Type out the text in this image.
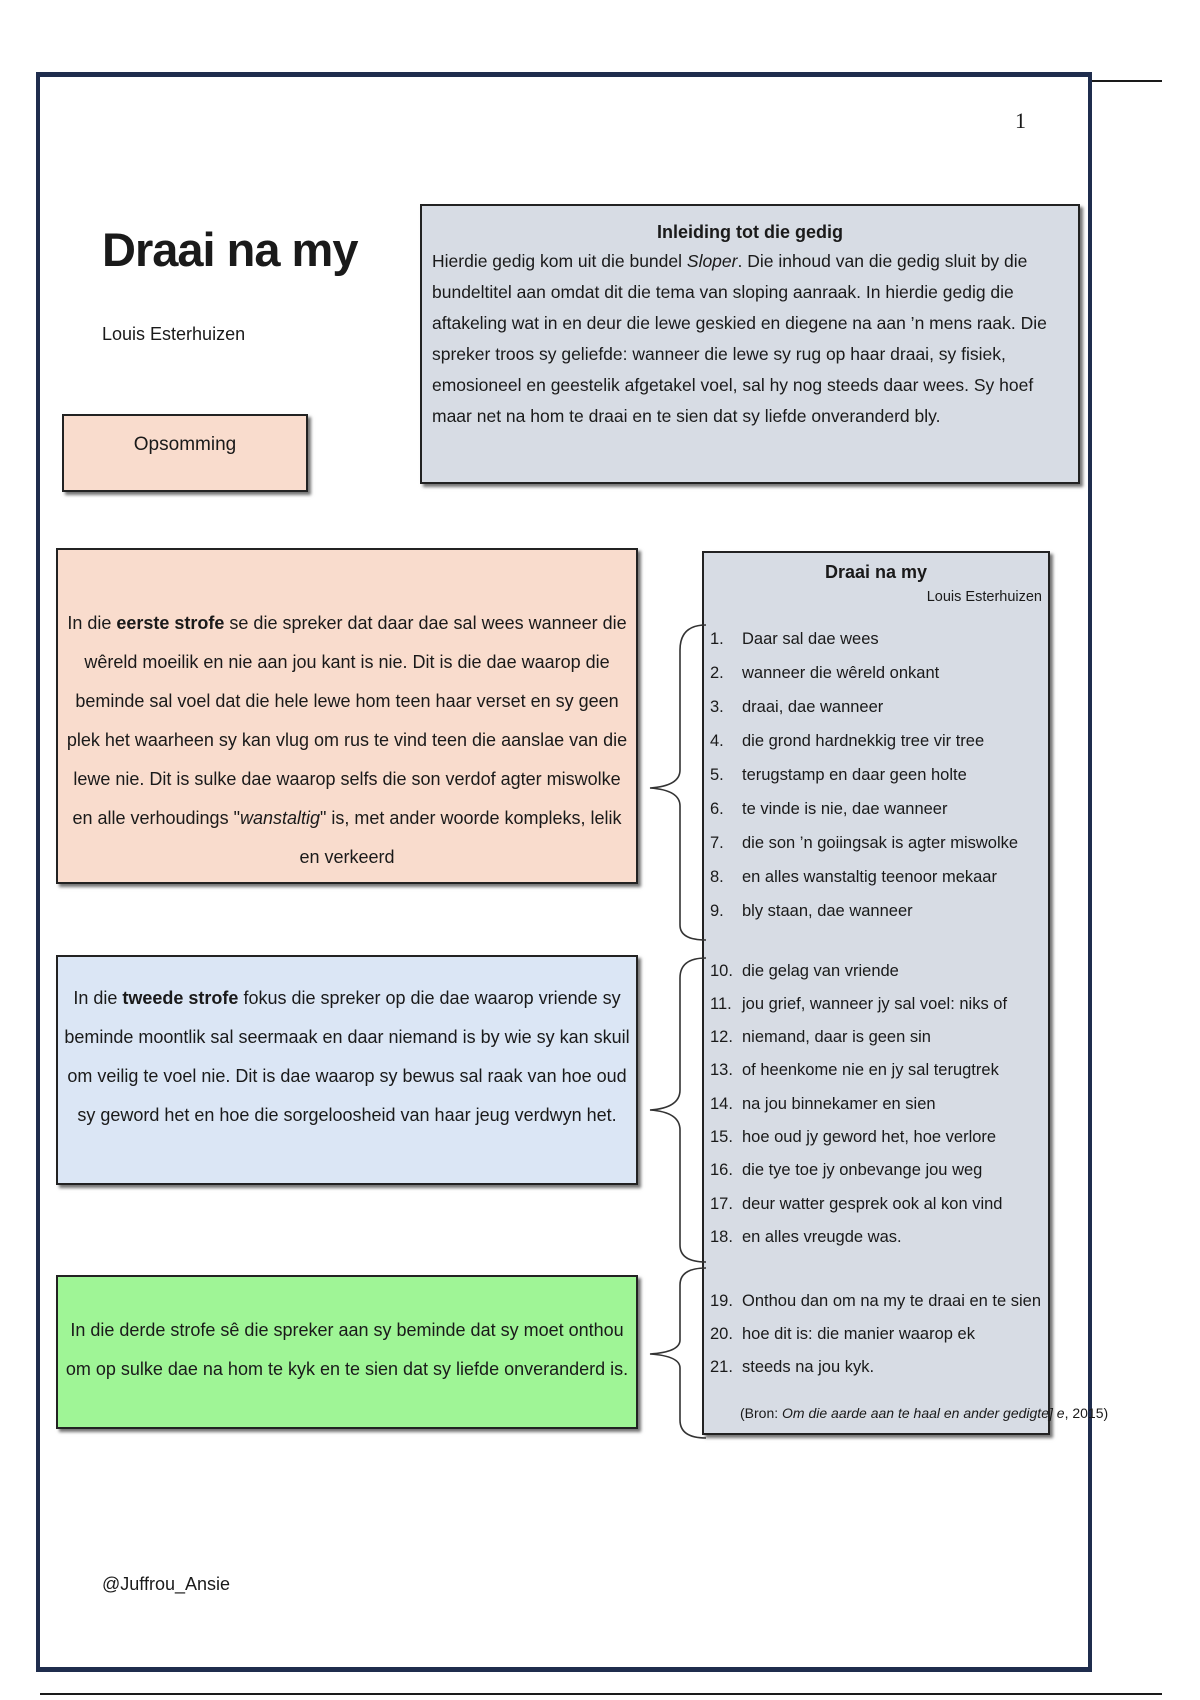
1
Draai na my
Louis Esterhuizen
Opsomming
Inleiding tot die gedig
Hierdie gedig kom uit die bundel Sloper. Die inhoud van die gedig sluit by die bundeltitel aan omdat dit die tema van sloping aanraak. In hierdie gedig die aftakeling wat in en deur die lewe geskied en diegene na aan ’n mens raak. Die spreker troos sy geliefde: wanneer die lewe sy rug op haar draai, sy fisiek, emosioneel en geestelik afgetakel voel, sal hy nog steeds daar wees. Sy hoef maar net na hom te draai en te sien dat sy liefde onveranderd bly.
In die eerste strofe se die spreker dat daar dae sal wees wanneer die wêreld moeilik en nie aan jou kant is nie. Dit is die dae waarop die beminde sal voel dat die hele lewe hom teen haar verset en sy geen plek het waarheen sy kan vlug om rus te vind teen die aanslae van die lewe nie. Dit is sulke dae waarop selfs die son verdof agter miswolke en alle verhoudings "wanstaltig" is, met ander woorde kompleks, lelik en verkeerd
In die tweede strofe fokus die spreker op die dae waarop vriende sy beminde moontlik sal seermaak en daar niemand is by wie sy kan skuil om veilig te voel nie. Dit is dae waarop sy bewus sal raak van hoe oud sy geword het en hoe die sorgeloosheid van haar jeug verdwyn het.
In die derde strofe sê die spreker aan sy beminde dat sy moet onthou om op sulke dae na hom te kyk en te sien dat sy liefde onveranderd is.
Draai na my
Louis Esterhuizen
1.	Daar sal dae wees
2.	wanneer die wêreld onkant
3.	draai, dae wanneer
4.	die grond hardnekkig tree vir tree
5.	terugstamp en daar geen holte
6.	te vinde is nie, dae wanneer
7.	die son ’n goiingsak is agter miswolke
8.	en alles wanstaltig teenoor mekaar
9.	bly staan, dae wanneer
10. die gelag van vriende
11. jou grief, wanneer jy sal voel: niks of
12. niemand, daar is geen sin
13. of heenkome nie en jy sal terugtrek
14. na jou binnekamer en sien
15. hoe oud jy geword het, hoe verlore
16. die tye toe jy onbevange jou weg
17. deur watter gesprek ook al kon vind
18. en alles vreugde was.
19. Onthou dan om na my te draai en te sien
20. hoe dit is: die manier waarop ek
21. steeds na jou kyk.
(Bron: Om die aarde aan te haal en ander gedigte] e, 2015)
@Juffrou_Ansie
